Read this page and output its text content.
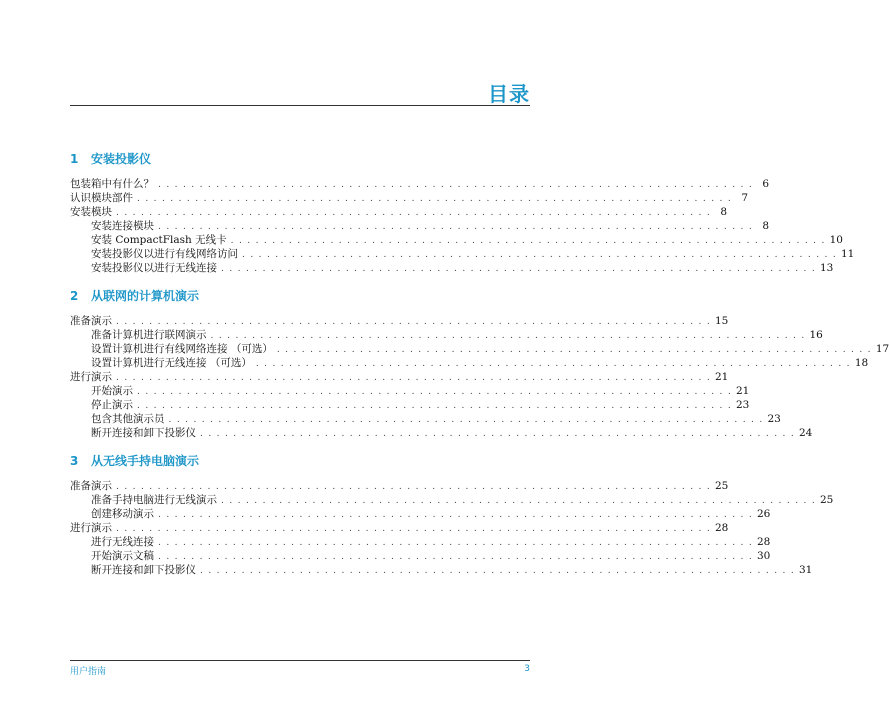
目录
1 安装投影仪
包装箱中有什么？ . . . . . . . . . . . . . . . . . . . . . . . . . . . . . . . . . . . . . . . . . . . . . . . . . . . . . . . . . . . . . . . . . . . . . . . . 6
认识模块部件 . . . . . . . . . . . . . . . . . . . . . . . . . . . . . . . . . . . . . . . . . . . . . . . . . . . . . . . . . . . . . . . . . . . . . . . . 7
安装模块 . . . . . . . . . . . . . . . . . . . . . . . . . . . . . . . . . . . . . . . . . . . . . . . . . . . . . . . . . . . . . . . . . . . . . . . . 8
安装连接模块 . . . . . . . . . . . . . . . . . . . . . . . . . . . . . . . . . . . . . . . . . . . . . . . . . . . . . . . . . . . . . . . . . . . . . . . . 8
安装 CompactFlash 无线卡 . . . . . . . . . . . . . . . . . . . . . . . . . . . . . . . . . . . . . . . . . . . . . . . . . . . . . . . . . . . . . . . . . . . . . . . . 10
安装投影仪以进行有线网络访问 . . . . . . . . . . . . . . . . . . . . . . . . . . . . . . . . . . . . . . . . . . . . . . . . . . . . . . . . . . . . . . . . . . . . . . . . 11
安装投影仪以进行无线连接 . . . . . . . . . . . . . . . . . . . . . . . . . . . . . . . . . . . . . . . . . . . . . . . . . . . . . . . . . . . . . . . . . . . . . . . . 13
2 从联网的计算机演示
准备演示 . . . . . . . . . . . . . . . . . . . . . . . . . . . . . . . . . . . . . . . . . . . . . . . . . . . . . . . . . . . . . . . . . . . . . . . . 15
准备计算机进行联网演示 . . . . . . . . . . . . . . . . . . . . . . . . . . . . . . . . . . . . . . . . . . . . . . . . . . . . . . . . . . . . . . . . . . . . . . . . 16
设置计算机进行有线网络连接 （可选） . . . . . . . . . . . . . . . . . . . . . . . . . . . . . . . . . . . . . . . . . . . . . . . . . . . . . . . . . . . . . . . . . . . . . . . . 17
设置计算机进行无线连接 （可选） . . . . . . . . . . . . . . . . . . . . . . . . . . . . . . . . . . . . . . . . . . . . . . . . . . . . . . . . . . . . . . . . . . . . . . . . 18
进行演示 . . . . . . . . . . . . . . . . . . . . . . . . . . . . . . . . . . . . . . . . . . . . . . . . . . . . . . . . . . . . . . . . . . . . . . . . 21
开始演示 . . . . . . . . . . . . . . . . . . . . . . . . . . . . . . . . . . . . . . . . . . . . . . . . . . . . . . . . . . . . . . . . . . . . . . . . 21
停止演示 . . . . . . . . . . . . . . . . . . . . . . . . . . . . . . . . . . . . . . . . . . . . . . . . . . . . . . . . . . . . . . . . . . . . . . . . 23
包含其他演示员 . . . . . . . . . . . . . . . . . . . . . . . . . . . . . . . . . . . . . . . . . . . . . . . . . . . . . . . . . . . . . . . . . . . . . . . . 23
断开连接和卸下投影仪 . . . . . . . . . . . . . . . . . . . . . . . . . . . . . . . . . . . . . . . . . . . . . . . . . . . . . . . . . . . . . . . . . . . . . . . . 24
3 从无线手持电脑演示
准备演示 . . . . . . . . . . . . . . . . . . . . . . . . . . . . . . . . . . . . . . . . . . . . . . . . . . . . . . . . . . . . . . . . . . . . . . . . 25
准备手持电脑进行无线演示 . . . . . . . . . . . . . . . . . . . . . . . . . . . . . . . . . . . . . . . . . . . . . . . . . . . . . . . . . . . . . . . . . . . . . . . . 25
创建移动演示 . . . . . . . . . . . . . . . . . . . . . . . . . . . . . . . . . . . . . . . . . . . . . . . . . . . . . . . . . . . . . . . . . . . . . . . . 26
进行演示 . . . . . . . . . . . . . . . . . . . . . . . . . . . . . . . . . . . . . . . . . . . . . . . . . . . . . . . . . . . . . . . . . . . . . . . . 28
进行无线连接 . . . . . . . . . . . . . . . . . . . . . . . . . . . . . . . . . . . . . . . . . . . . . . . . . . . . . . . . . . . . . . . . . . . . . . . . 28
开始演示文稿 . . . . . . . . . . . . . . . . . . . . . . . . . . . . . . . . . . . . . . . . . . . . . . . . . . . . . . . . . . . . . . . . . . . . . . . . 30
断开连接和卸下投影仪 . . . . . . . . . . . . . . . . . . . . . . . . . . . . . . . . . . . . . . . . . . . . . . . . . . . . . . . . . . . . . . . . . . . . . . . . 31
用户指南	3
